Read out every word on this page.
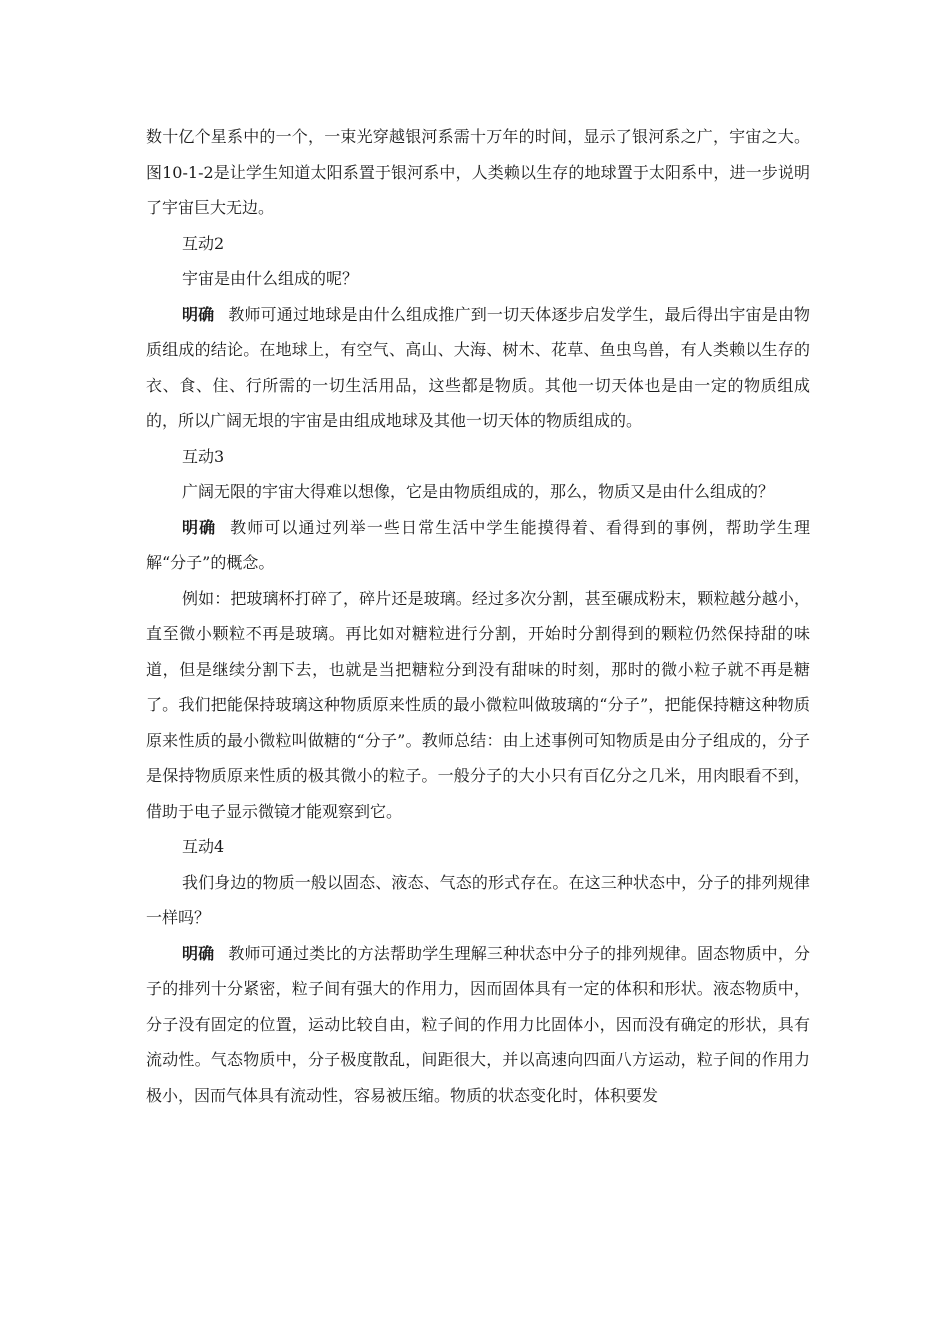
数十亿个星系中的一个，一束光穿越银河系需十万年的时间，显示了银河系之广，宇宙之大。图10-1-2是让学生知道太阳系置于银河系中，人类赖以生存的地球置于太阳系中，进一步说明了宇宙巨大无边。

互动2

宇宙是由什么组成的呢？

明确 教师可通过地球是由什么组成推广到一切天体逐步启发学生，最后得出宇宙是由物质组成的结论。在地球上，有空气、高山、大海、树木、花草、鱼虫鸟兽，有人类赖以生存的衣、食、住、行所需的一切生活用品，这些都是物质。其他一切天体也是由一定的物质组成的，所以广阔无垠的宇宙是由组成地球及其他一切天体的物质组成的。

互动3

广阔无限的宇宙大得难以想像，它是由物质组成的，那么，物质又是由什么组成的？

明确 教师可以通过列举一些日常生活中学生能摸得着、看得到的事例，帮助学生理解“分子”的概念。

例如：把玻璃杯打碎了，碎片还是玻璃。经过多次分割，甚至碾成粉末，颗粒越分越小，直至微小颗粒不再是玻璃。再比如对糖粒进行分割，开始时分割得到的颗粒仍然保持甜的味道，但是继续分割下去，也就是当把糖粒分到没有甜味的时刻，那时的微小粒子就不再是糖了。我们把能保持玻璃这种物质原来性质的最小微粒叫做玻璃的“分子”，把能保持糖这种物质原来性质的最小微粒叫做糖的“分子”。教师总结：由上述事例可知物质是由分子组成的，分子是保持物质原来性质的极其微小的粒子。一般分子的大小只有百亿分之几米，用肉眼看不到，借助于电子显示微镜才能观察到它。

互动4

我们身边的物质一般以固态、液态、气态的形式存在。在这三种状态中，分子的排列规律一样吗？

明确 教师可通过类比的方法帮助学生理解三种状态中分子的排列规律。固态物质中，分子的排列十分紧密，粒子间有强大的作用力，因而固体具有一定的体积和形状。液态物质中，分子没有固定的位置，运动比较自由，粒子间的作用力比固体小，因而没有确定的形状，具有流动性。气态物质中，分子极度散乱，间距很大，并以高速向四面八方运动，粒子间的作用力极小，因而气体具有流动性，容易被压缩。物质的状态变化时，体积要发
